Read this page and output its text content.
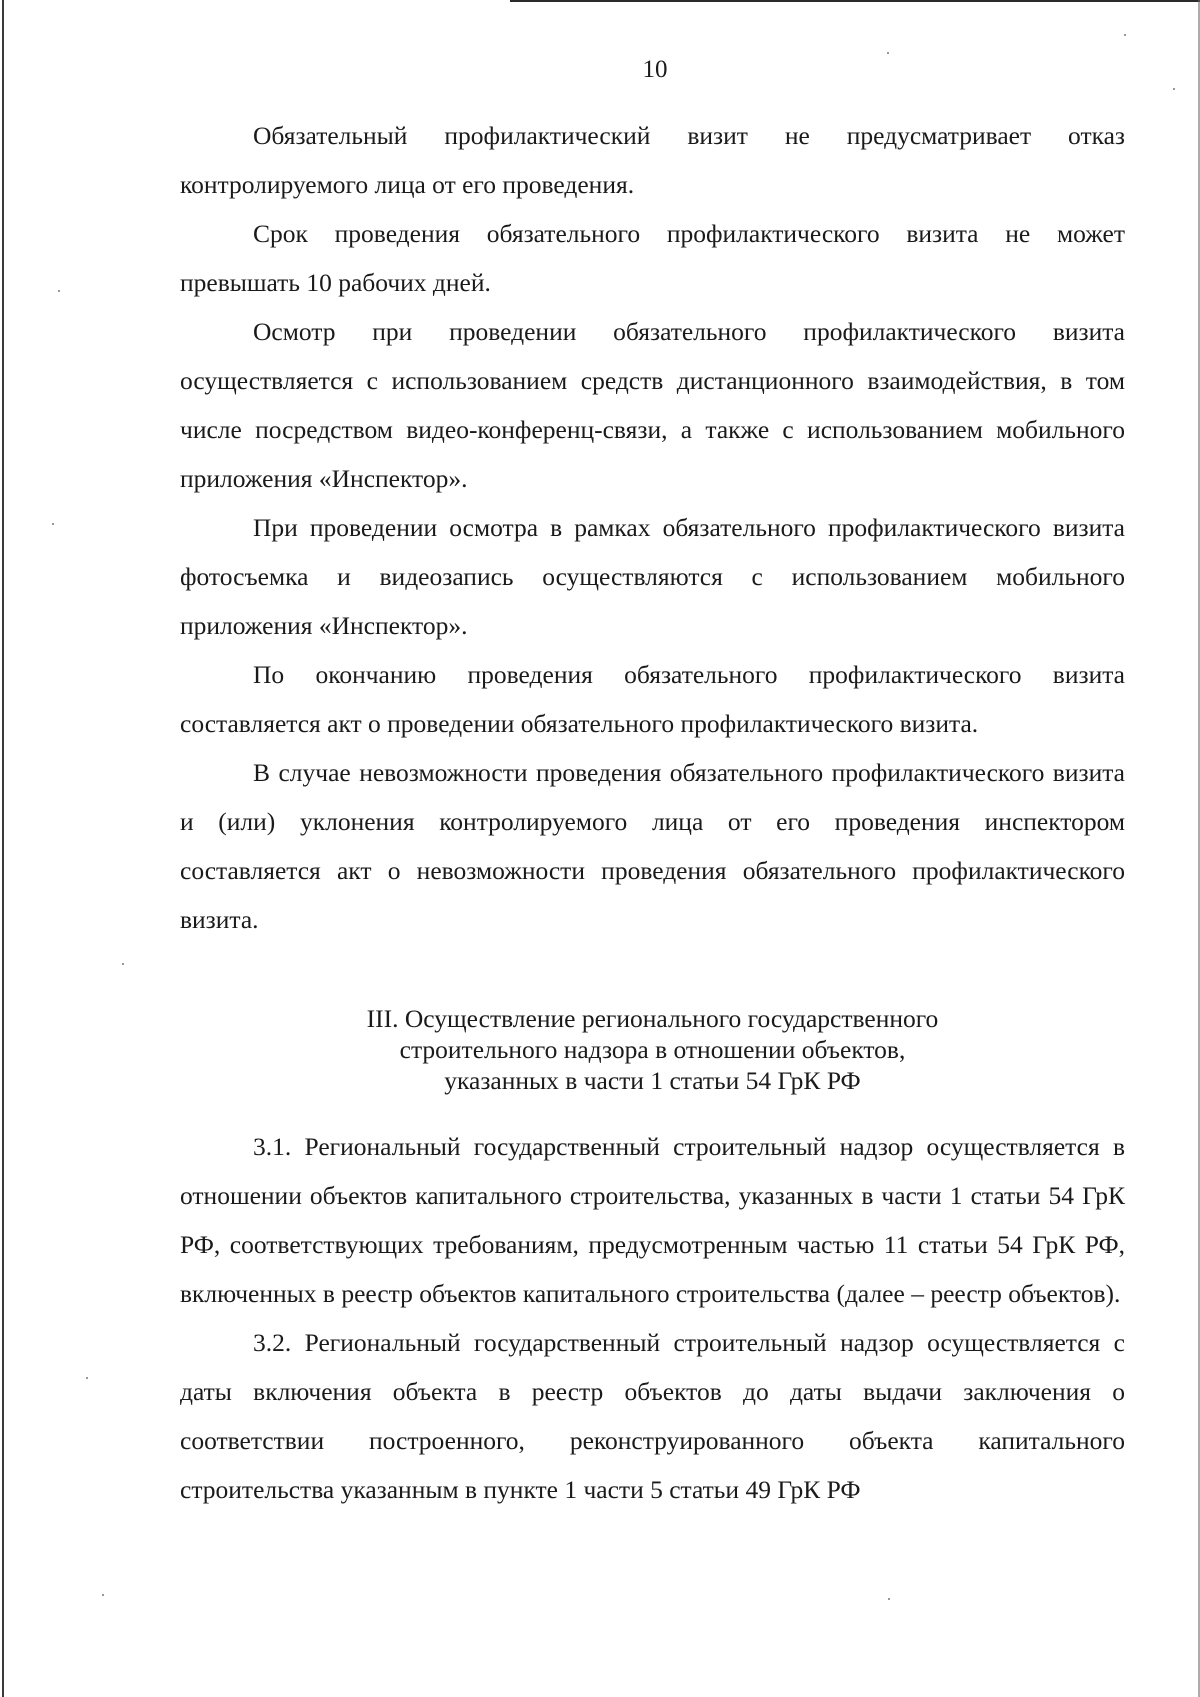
10

Обязательный профилактический визит не предусматривает отказ контролируемого лица от его проведения.

Срок проведения обязательного профилактического визита не может превышать 10 рабочих дней.

Осмотр при проведении обязательного профилактического визита осуществляется с использованием средств дистанционного взаимодействия, в том числе посредством видео-конференц-связи, а также с использованием мобильного приложения «Инспектор».

При проведении осмотра в рамках обязательного профилактического визита фотосъемка и видеозапись осуществляются с использованием мобильного приложения «Инспектор».

По окончанию проведения обязательного профилактического визита составляется акт о проведении обязательного профилактического визита.

В случае невозможности проведения обязательного профилактического визита и (или) уклонения контролируемого лица от его проведения инспектором составляется акт о невозможности проведения обязательного профилактического визита.

III. Осуществление регионального государственного
строительного надзора в отношении объектов,
указанных в части 1 статьи 54 ГрК РФ

3.1. Региональный государственный строительный надзор осуществляется в отношении объектов капитального строительства, указанных в части 1 статьи 54 ГрК РФ, соответствующих требованиям, предусмотренным частью 11 статьи 54 ГрК РФ, включенных в реестр объектов капитального строительства (далее – реестр объектов).

3.2. Региональный государственный строительный надзор осуществляется с даты включения объекта в реестр объектов до даты выдачи заключения о соответствии построенного, реконструированного объекта капитального строительства указанным в пункте 1 части 5 статьи 49 ГрК РФ
